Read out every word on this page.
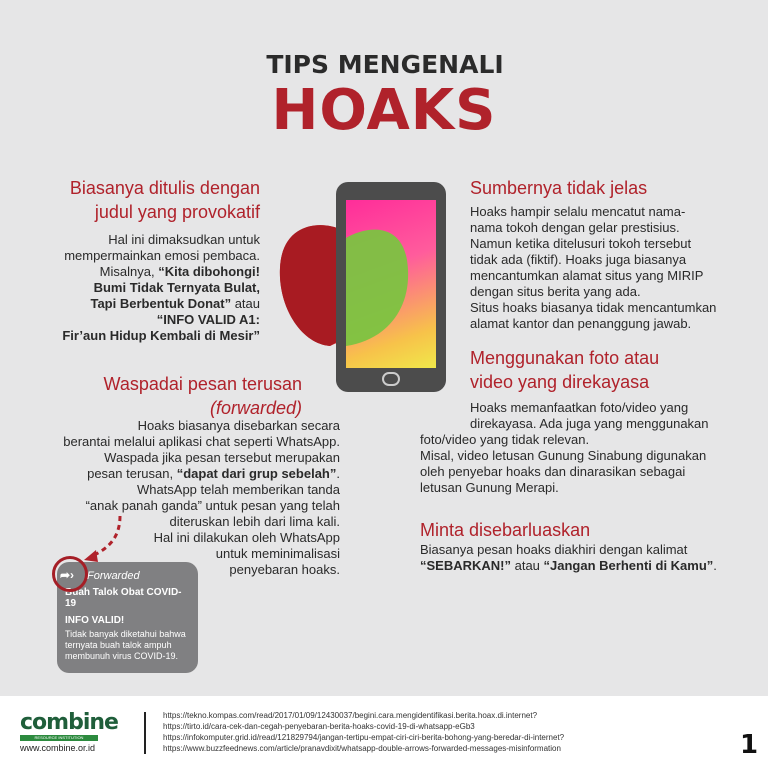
TIPS MENGENALI
HOAKS
Biasanya ditulis dengan
judul yang provokatif
Hal ini dimaksudkan untuk
mempermainkan emosi pembaca.
Misalnya, “Kita dibohongi!
Bumi Tidak Ternyata Bulat,
Tapi Berbentuk Donat” atau
“INFO VALID A1:
Fir’aun Hidup Kembali di Mesir”
Waspadai pesan terusan
(forwarded)
Hoaks biasanya disebarkan secara
berantai melalui aplikasi chat seperti WhatsApp.
Waspada jika pesan tersebut merupakan
pesan terusan, “dapat dari grup sebelah”.
WhatsApp telah memberikan tanda
“anak panah ganda” untuk pesan yang telah
diteruskan lebih dari lima kali.
Hal ini dilakukan oleh WhatsApp
untuk meminimalisasi
penyebaran hoaks.
Forwarded
Buah Talok Obat COVID-19
INFO VALID!
Tidak banyak diketahui bahwa ternyata buah talok ampuh membunuh virus COVID-19.
➦›
Sumbernya tidak jelas
Hoaks hampir selalu mencatut nama-
nama tokoh dengan gelar prestisius.
Namun ketika ditelusuri tokoh tersebut
tidak ada (fiktif). Hoaks juga biasanya
mencantumkan alamat situs yang MIRIP
dengan situs berita yang ada.
Situs hoaks biasanya tidak mencantumkan
alamat kantor dan penanggung jawab.
Menggunakan foto atau
video yang direkayasa
Hoaks memanfaatkan foto/video yang
direkayasa. Ada juga yang menggunakan
foto/video yang tidak relevan.
Misal, video letusan Gunung Sinabung digunakan
oleh penyebar hoaks dan dinarasikan sebagai
letusan Gunung Merapi.
Minta disebarluaskan
Biasanya pesan hoaks diakhiri dengan kalimat
“SEBARKAN!” atau “Jangan Berhenti di Kamu”.
combine
RESOURCE INSTITUTION
www.combine.or.id
https://tekno.kompas.com/read/2017/01/09/12430037/begini.cara.mengidentifikasi.berita.hoax.di.internet?
https://tirto.id/cara-cek-dan-cegah-penyebaran-berita-hoaks-covid-19-di-whatsapp-eGb3
https://infokomputer.grid.id/read/121829794/jangan-tertipu-empat-ciri-ciri-berita-bohong-yang-beredar-di-internet?
https://www.buzzfeednews.com/article/pranavdixit/whatsapp-double-arrows-forwarded-messages-misinformation	1
